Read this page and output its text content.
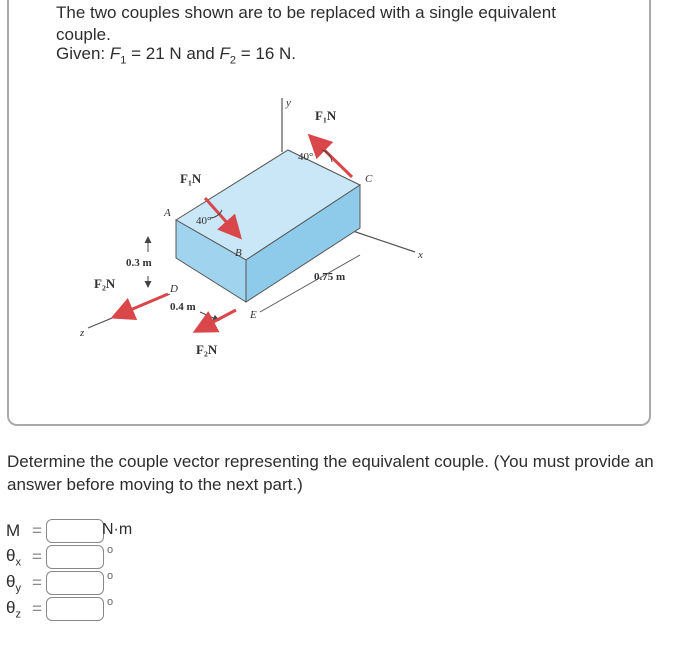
The two couples shown are to be replaced with a single equivalent
couple.
Given: $F_1 = 21$ N and $F_2 = 16$ N.
F₁N
F₁N
F₂N
F₂N
40°
40°
0.3 m
0.4 m
0.75 m
A
B
C
D
E
x
y
z
Determine the couple vector representing the equivalent couple. (You must provide an answer before moving to the next part.)
M =	N·m
$\theta_x$ =	o
$\theta_y$ =	o
$\theta_z$ =	o
